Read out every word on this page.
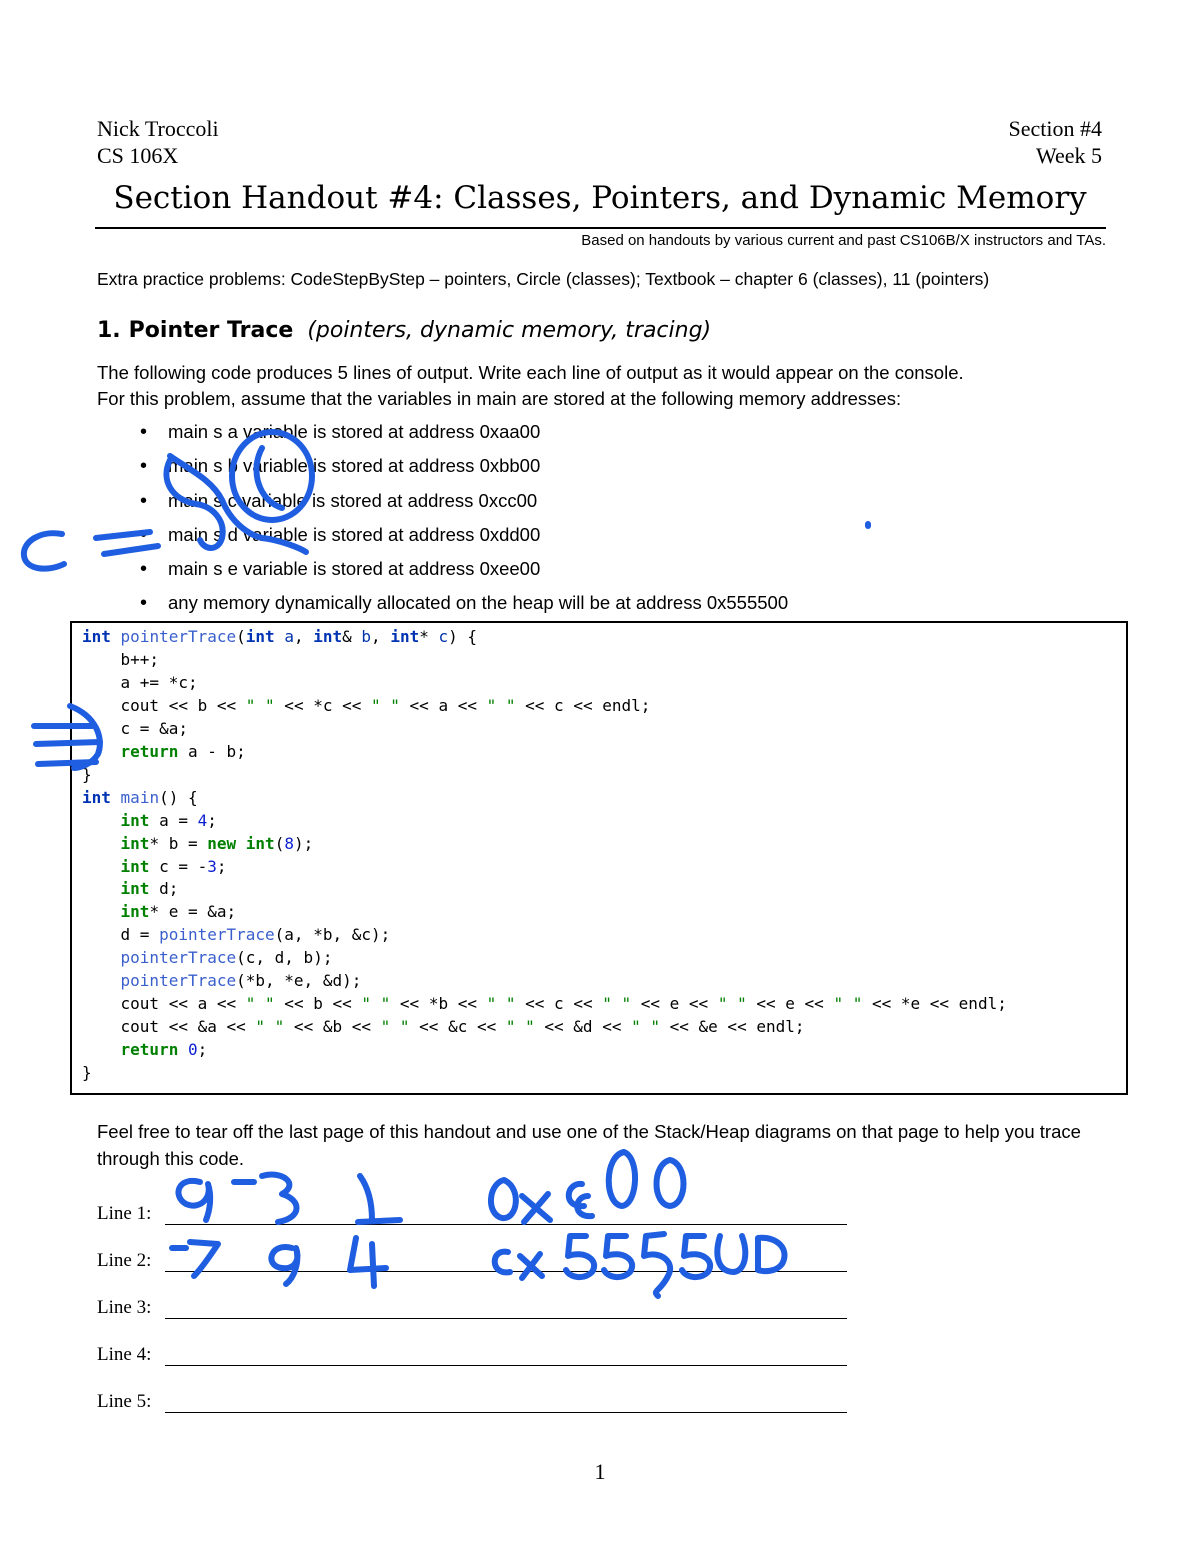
Nick Troccoli
CS 106X
Section #4
Week 5
Section Handout #4: Classes, Pointers, and Dynamic Memory
Based on handouts by various current and past CS106B/X instructors and TAs.
Extra practice problems: CodeStepByStep – pointers, Circle (classes); Textbook – chapter 6 (classes), 11 (pointers)
1. Pointer Trace (pointers, dynamic memory, tracing)
The following code produces 5 lines of output. Write each line of output as it would appear on the console.
For this problem, assume that the variables in main are stored at the following memory addresses:
• main s a variable is stored at address 0xaa00
• main s b variable is stored at address 0xbb00
• main s c variable is stored at address 0xcc00
• main s d variable is stored at address 0xdd00
• main s e variable is stored at address 0xee00
• any memory dynamically allocated on the heap will be at address 0x555500
int pointerTrace(int a, int& b, int* c) {
b++;
a += *c;
cout << b << " " << *c << " " << a << " " << c << endl;
c = &a;
return a - b;
}
int main() {
int a = 4;
int* b = new int(8);
int c = -3;
int d;
int* e = &a;
d = pointerTrace(a, *b, &c);
pointerTrace(c, d, b);
pointerTrace(*b, *e, &d);
cout << a << " " << b << " " << *b << " " << c << " " << e << " " << e << " " << *e << endl;
cout << &a << " " << &b << " " << &c << " " << &d << " " << &e << endl;
return 0;
}
Feel free to tear off the last page of this handout and use one of the Stack/Heap diagrams on that page to help you trace through this code.
Line 1:
Line 2:
Line 3:
Line 4:
Line 5:
1
